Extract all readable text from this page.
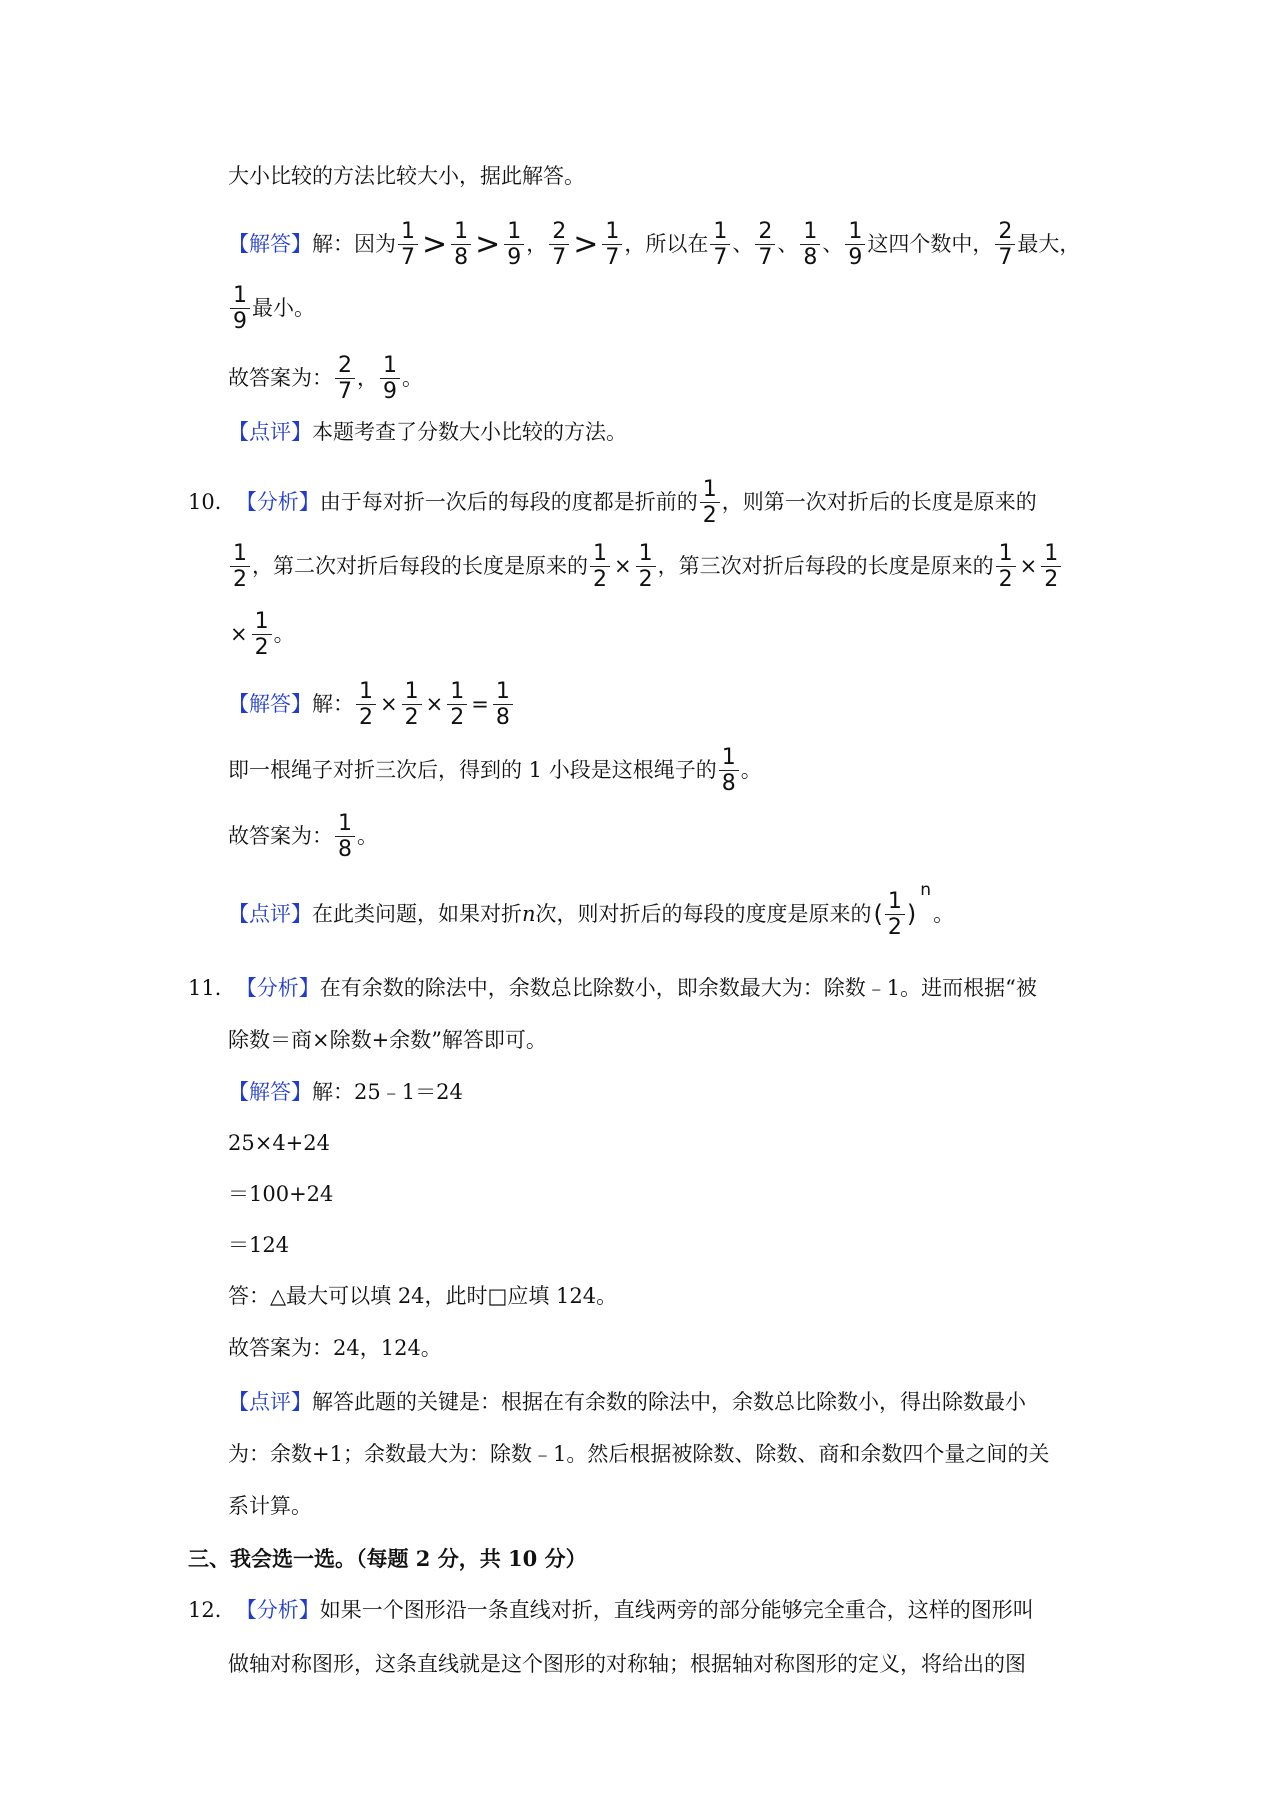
大小比较的方法比较大小，据此解答。
【解答】 解：因为 $\frac{1}{7} > \frac{1}{8} > \frac{1}{9}$ ， $\frac{2}{7} > \frac{1}{7}$ ，所以在 $\frac{1}{7}$ 、 $\frac{2}{7}$ 、 $\frac{1}{8}$ 、 $\frac{1}{9}$ 这四个数中， $\frac{2}{7}$ 最大，
$\frac{1}{9}$ 最小。
故答案为： $\frac{2}{7}$ ， $\frac{1}{9}$ 。
【点评】 本题考查了分数大小比较的方法。
10． 【分析】 由于每对折一次后的每段的度都是折前的 $\frac{1}{2}$ ，则第一次对折后的长度是原来的
$\frac{1}{2}$ ，第二次对折后每段的长度是原来的 $\frac{1}{2} \times \frac{1}{2}$ ，第三次对折后每段的长度是原来的 $\frac{1}{2} \times \frac{1}{2}$
× $\frac{1}{2}$ 。
【解答】 解： $\frac{1}{2} \times \frac{1}{2} \times \frac{1}{2} = \frac{1}{8}$
即一根绳子对折三次后，得到的 1 小段是这根绳子的 $\frac{1}{8}$ 。
故答案为： $\frac{1}{8}$ 。
【点评】 在此类问题，如果对折 n 次，则对折后的每段的度度是原来的 ( $\frac{1}{2}$ )
n
。
11． 【分析】 在有余数的除法中，余数总比除数小，即余数最大为：除数﹣1。进而根据“被
除数＝商×除数+余数”解答即可。
【解答】 解：25﹣1＝24
25×4+24
＝100+24
＝124
答：△最大可以填 24，此时□应填 124。
故答案为：24，124。
【点评】 解答此题的关键是：根据在有余数的除法中，余数总比除数小，得出除数最小
为：余数+1；余数最大为：除数﹣1。然后根据被除数、除数、商和余数四个量之间的关
系计算。
三、我会选一选。（每题 2 分，共 10 分）
12． 【分析】 如果一个图形沿一条直线对折，直线两旁的部分能够完全重合，这样的图形叫
做轴对称图形，这条直线就是这个图形的对称轴；根据轴对称图形的定义，将给出的图
